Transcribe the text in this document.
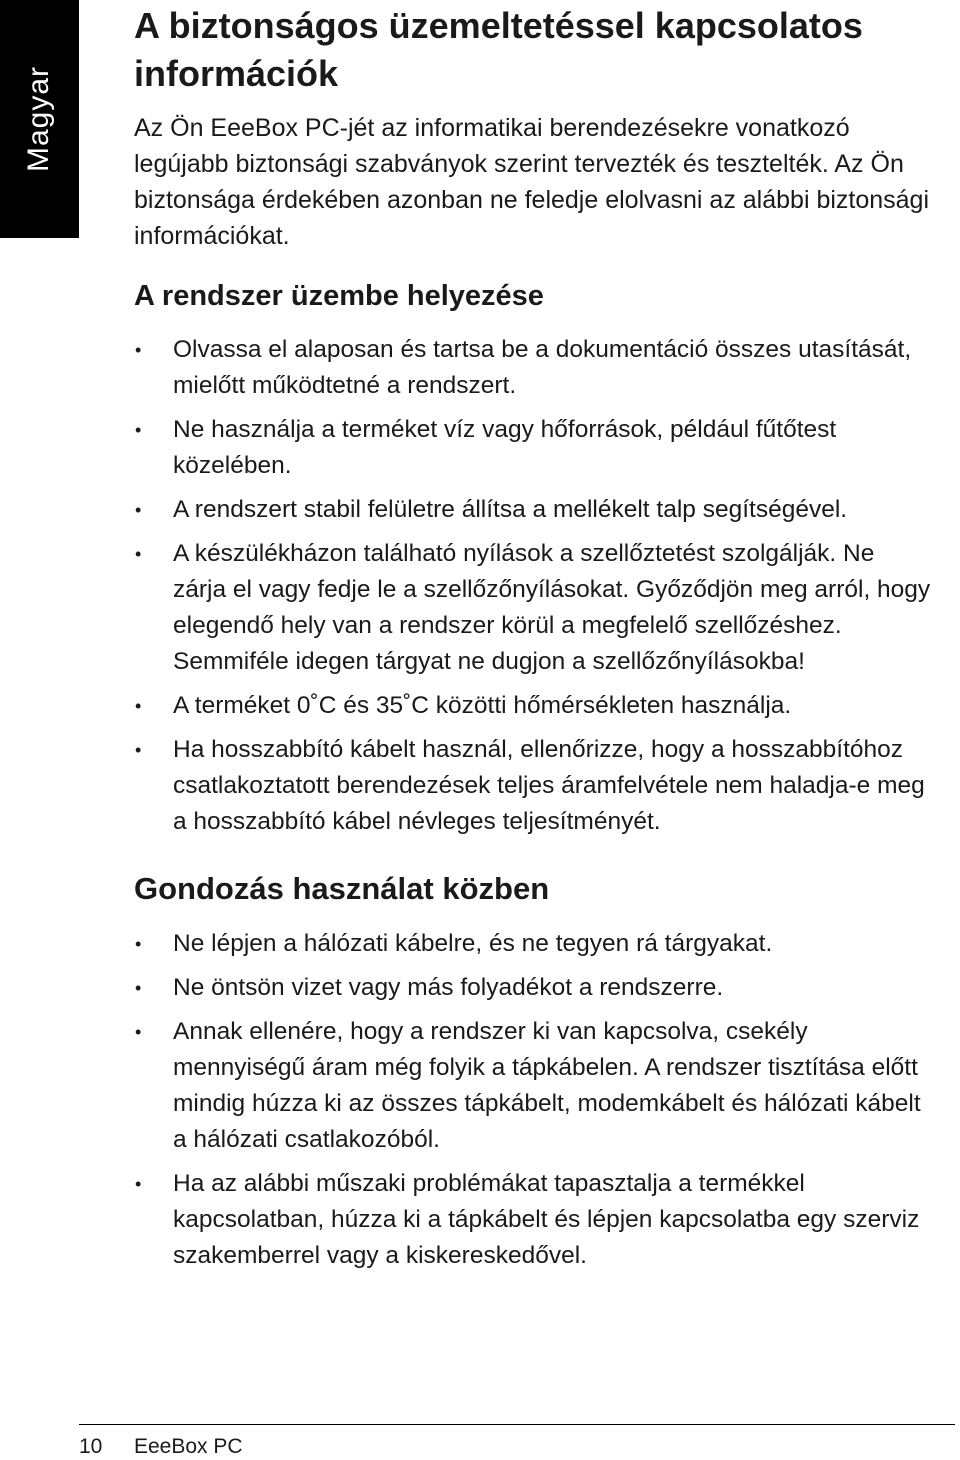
Magyar
A biztonságos üzemeltetéssel kapcsolatos információk

Az Ön EeeBox PC-jét az informatikai berendezésekre vonatkozó legújabb biztonsági szabványok szerint tervezték és tesztelték. Az Ön biztonsága érdekében azonban ne feledje elolvasni az alábbi biztonsági információkat.

A rendszer üzembe helyezése
• Olvassa el alaposan és tartsa be a dokumentáció összes utasítását, mielőtt működtetné a rendszert.
• Ne használja a terméket víz vagy hőforrások, például fűtőtest közelében.
• A rendszert stabil felületre állítsa a mellékelt talp segítségével.
• A készülékházon található nyílások a szellőztetést szolgálják. Ne zárja el vagy fedje le a szellőzőnyílásokat. Győződjön meg arról, hogy elegendő hely van a rendszer körül a megfelelő szellőzéshez. Semmiféle idegen tárgyat ne dugjon a szellőzőnyílásokba!
• A terméket 0˚C és 35˚C közötti hőmérsékleten használja.
• Ha hosszabbító kábelt használ, ellenőrizze, hogy a hosszabbítóhoz csatlakoztatott berendezések teljes áramfelvétele nem haladja-e meg a hosszabbító kábel névleges teljesítményét.
Gondozás használat közben
• Ne lépjen a hálózati kábelre, és ne tegyen rá tárgyakat.
• Ne öntsön vizet vagy más folyadékot a rendszerre.
• Annak ellenére, hogy a rendszer ki van kapcsolva, csekély mennyiségű áram még folyik a tápkábelen. A rendszer tisztítása előtt mindig húzza ki az összes tápkábelt, modemkábelt és hálózati kábelt a hálózati csatlakozóból.
• Ha az alábbi műszaki problémákat tapasztalja a termékkel kapcsolatban, húzza ki a tápkábelt és lépjen kapcsolatba egy szerviz szakemberrel vagy a kiskereskedővel.
10	EeeBox PC
